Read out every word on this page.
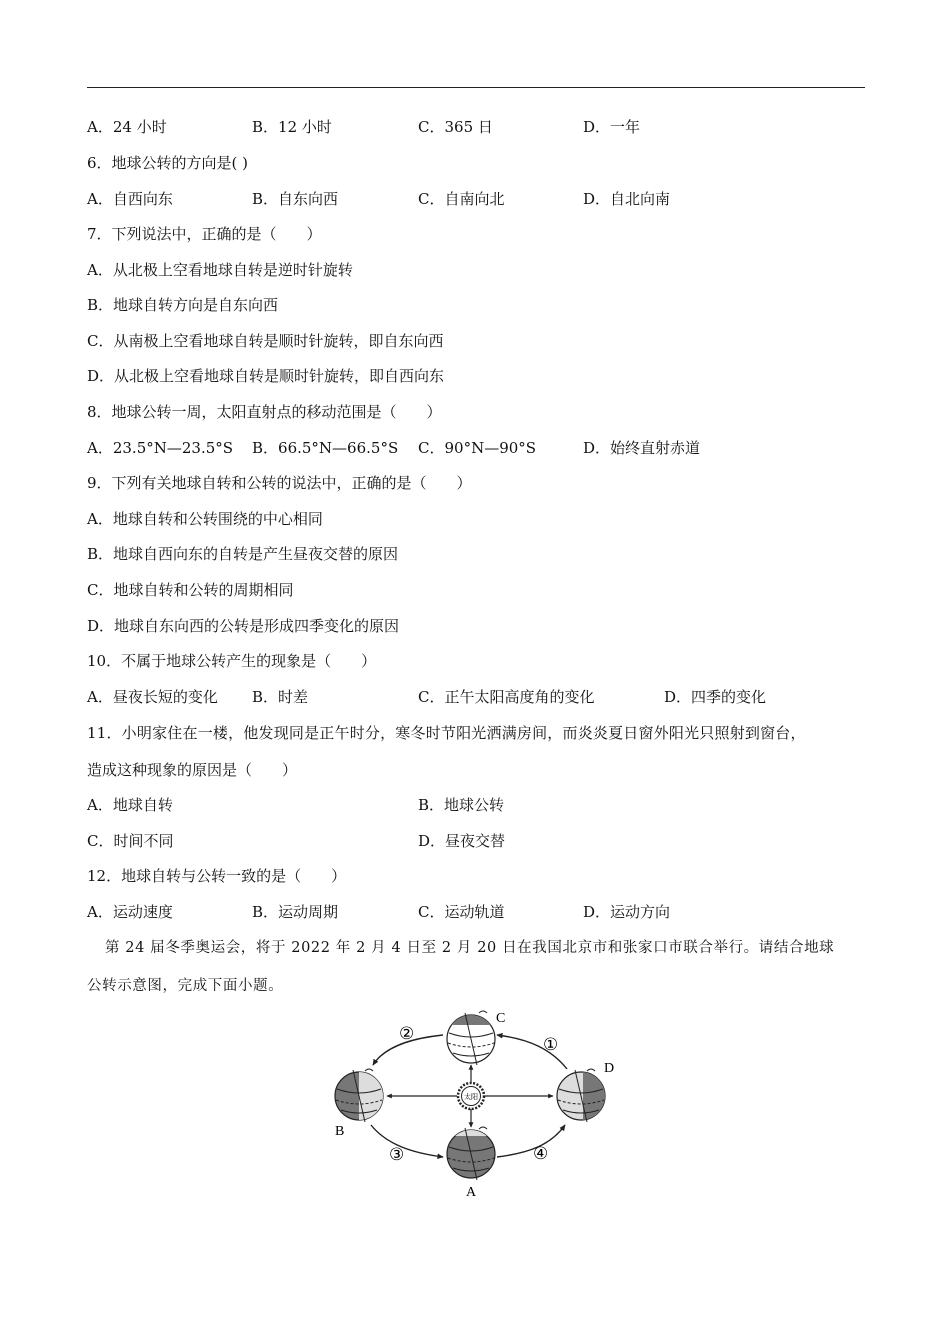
A．24 小时	B．12 小时	C．365 日	D．一年
6．地球公转的方向是( )
A．自西向东	B．自东向西	C．自南向北	D．自北向南
7．下列说法中，正确的是（　　）
A．从北极上空看地球自转是逆时针旋转
B．地球自转方向是自东向西
C．从南极上空看地球自转是顺时针旋转，即自东向西
D．从北极上空看地球自转是顺时针旋转，即自西向东
8．地球公转一周，太阳直射点的移动范围是（　　）
A．23.5°N—23.5°S B．66.5°N—66.5°S C．90°N—90°S	D．始终直射赤道
9．下列有关地球自转和公转的说法中，正确的是（　　）
A．地球自转和公转围绕的中心相同
B．地球自西向东的自转是产生昼夜交替的原因
C．地球自转和公转的周期相同
D．地球自东向西的公转是形成四季变化的原因
10．不属于地球公转产生的现象是（　　）
A．昼夜长短的变化 B．时差	C．正午太阳高度角的变化	D．四季的变化
11．小明家住在一楼，他发现同是正午时分，寒冬时节阳光洒满房间，而炎炎夏日窗外阳光只照射到窗台，
造成这种现象的原因是（　　）
A．地球自转	B．地球公转
C．时间不同	D．昼夜交替
12．地球自转与公转一致的是（　　）
A．运动速度	B．运动周期	C．运动轨道	D．运动方向
第 24 届冬季奥运会，将于 2022 年 2 月 4 日至 2 月 20 日在我国北京市和张家口市联合举行。请结合地球
公转示意图，完成下面小题。
太阳
C
B
A
D
②
①
③	④
